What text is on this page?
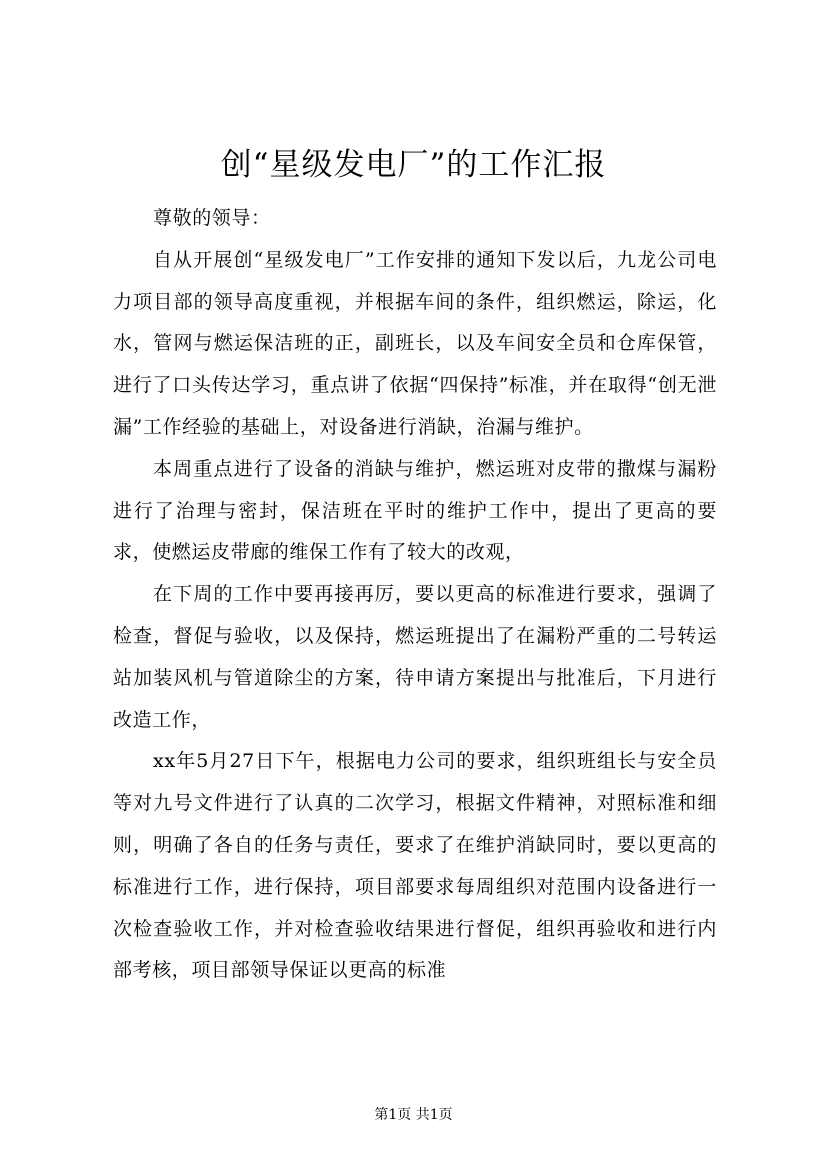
创“星级发电厂”的工作汇报

尊敬的领导：

自从开展创“星级发电厂”工作安排的通知下发以后，九龙公司电力项目部的领导高度重视，并根据车间的条件，组织燃运，除运，化水，管网与燃运保洁班的正，副班长，以及车间安全员和仓库保管，进行了口头传达学习，重点讲了依据“四保持”标准，并在取得“创无泄漏”工作经验的基础上，对设备进行消缺，治漏与维护。

本周重点进行了设备的消缺与维护，燃运班对皮带的撒煤与漏粉进行了治理与密封，保洁班在平时的维护工作中，提出了更高的要求，使燃运皮带廊的维保工作有了较大的改观，

在下周的工作中要再接再厉，要以更高的标准进行要求，强调了检查，督促与验收，以及保持，燃运班提出了在漏粉严重的二号转运站加装风机与管道除尘的方案，待申请方案提出与批准后，下月进行改造工作，

xx年5月27日下午，根据电力公司的要求，组织班组长与安全员等对九号文件进行了认真的二次学习，根据文件精神，对照标准和细则，明确了各自的任务与责任，要求了在维护消缺同时，要以更高的标准进行工作，进行保持，项目部要求每周组织对范围内设备进行一次检查验收工作，并对检查验收结果进行督促，组织再验收和进行内部考核，项目部领导保证以更高的标准

第1页 共1页
